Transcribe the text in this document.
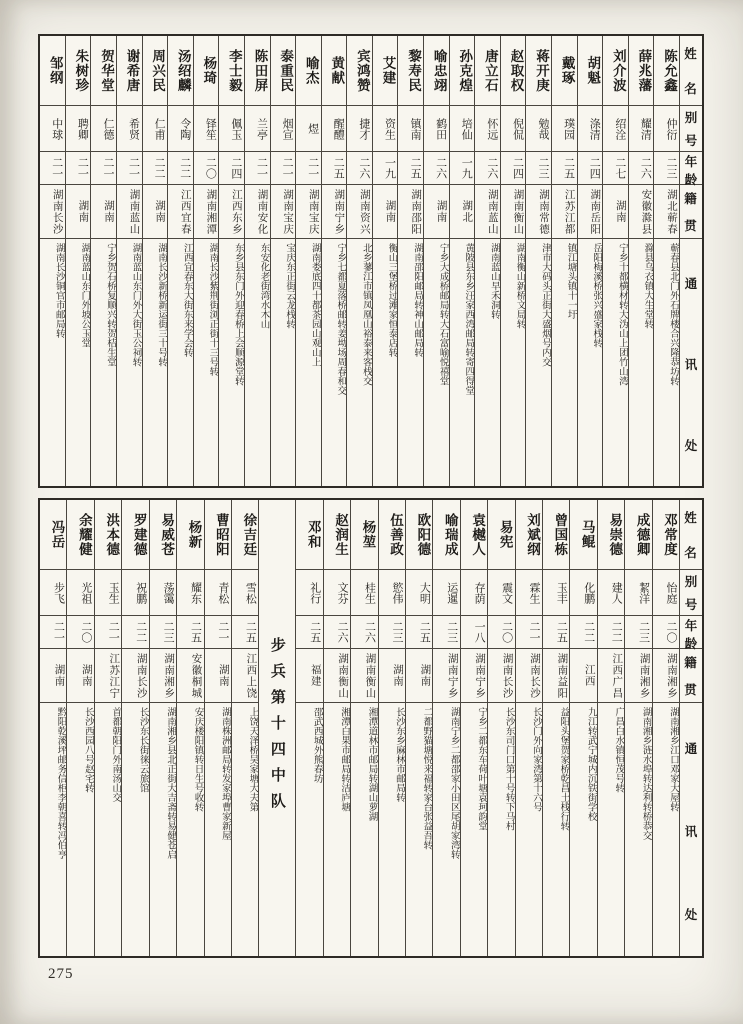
姓
名
别
号
年
龄
籍
贯
通
讯
处
陈允鑫
仲衍
二三
湖北蕲春
蕲春县北门外石牌楼合兴隆恭坊转
薛兆藩
耀清
二六
安徽滁县
滁县乌衣镇大生堂转
刘介波
绍洤
二七
湖南
宁乡十都横材转大沩山上团竹山湾
胡魁
涤清
二四
湖南岳阳
岳阳梅溪桥张兴盛家栈转
戴琢
璞园
二五
江苏江都
镇江塘头镇十一圩
蒋开庚
勉哉
二三
湖南常德
津市大码头正街大盛烟号内交
赵取权
倪侃
二四
湖南衡山
湖南衡山新桥文局转
唐立石
怀远
二六
湖南蓝山
湖南蓝山早禾洞转
孙克煌
培仙
一九
湖北
黄陂县东乡汪家西湾邮局转寄四得堂
喻忠翊
鹤田
二六
湖南
宁乡大成桥邮局转大石富喻悦禧堂
黎寿民
镇南
二五
湖南邵阳
湖南邵阳邮局转神山邮局转
艾建
资生
一九
湖南
衡山三堡桥过滩家恒泰店转
宾鸿赞
捷才
二六
湖南资兴
北乡蓼江市镇凤凰山裕泰来客栈交
黄献
醒醴
二五
湖南宁乡
宁乡七都夏落桥邮转姜坳场周春和交
喻杰
煜
二一
湖南宝庆
湖南娄底四十都茶园山观山上
泰重民
烟宣
二一
湖南宝庆
宝庆东正街云龙栈转
陈田屏
兰亭
二一
湖南安化
东安化老街湾水木山
李士毅
佩玉
二四
江西东乡
东乡县东门外迎春桥上会顺源堂转
杨琦
铎笙
二〇
湖南湘潭
湖南长沙紫荆街浏正街十三号转
汤绍麟
令陶
二二
江西宜春
江西宜春东大街东来学会转
周兴民
仁甫
二二
湖南
湖南长沙新桥新运街三十号转
谢希唐
希贤
二一
湖南蓝山
湖南蓝山东门外大街玉公祠转
贺华堂
仁德
二一
湖南
宁乡贺石桥复顺兴转贺桔生堂
朱树珍
聘卿
二一
湖南
湖南蓝山东门外坡公玉堂
邹纲
中球
二一
湖南长沙
湖南长沙铜官市邮局转
姓
名
别
号
年
龄
籍
贯
通
讯
处
邓常度
怡庭
二〇
湖南湘乡
湖南湘乡江口邓家大屋转
成德卿
絜洋
二三
湖南湘乡
湖南湘乡涟水埠转达利转桥恭交
易崇德
建人
二二
江西广昌
广昌白水镇恒茂号转
马鲲
化鹏
二二
江西
九江转武宁城内沉铁街学校
曾国栋
玉丰
二五
湖南益阳
益阳头堡贺家桥乾昌土栈行转
刘斌纲
霖生
二一
湖南长沙
长沙门外向家湾第十六号
易宪
震文
二〇
湖南长沙
长沙东司门口第十号转下马村
袁樾人
存荫
一八
湖南宁乡
宁乡二都东车荷叶塘袁珂韵堂
喻瑞成
运暹
二三
湖南宁乡
湖南宁乡二都邵家小田区尾胡家湾转
欧阳德
大明
二五
湖南
二都野猫塘悦来福转家台张益吾转
伍善政
慾伟
二三
湖南
长沙东乡麻林市邮局转
杨堃
桂生
二六
湖南衡山
湘潭道林市邮局转湖山萝湖
赵润生
文芬
二六
湖南衡山
湘潭白果市邮局转洁庐塘
邓和
礼行
二五
福建
邵武西城外熊春坊
步兵第十四中队
徐吉廷
雪松
二五
江西上饶
上饶天泽桥吴家塘大夫第
曹昭阳
青松
二一
湖南
湖南株洲邮局转发家埠曹家新屋
杨新
耀东
二五
安徽桐城
安庆楼阳镇转日生号收转
易威苍
荡霭
二三
湖南湘乡
湖南湘乡县北正街大吉斋转易健苍启
罗建德
祝鹏
二二
湖南长沙
长沙东长街徕云旅馆
洪本德
玉生
二一
江苏江宁
首都朝阳门外南汤山交
余耀健
光祖
二〇
湖南
长沙西园八号赵宅转
冯岳
步飞
二一
湖南
黔阳乾溪坪邮务信柜李朝喜转冯伯亨
275
